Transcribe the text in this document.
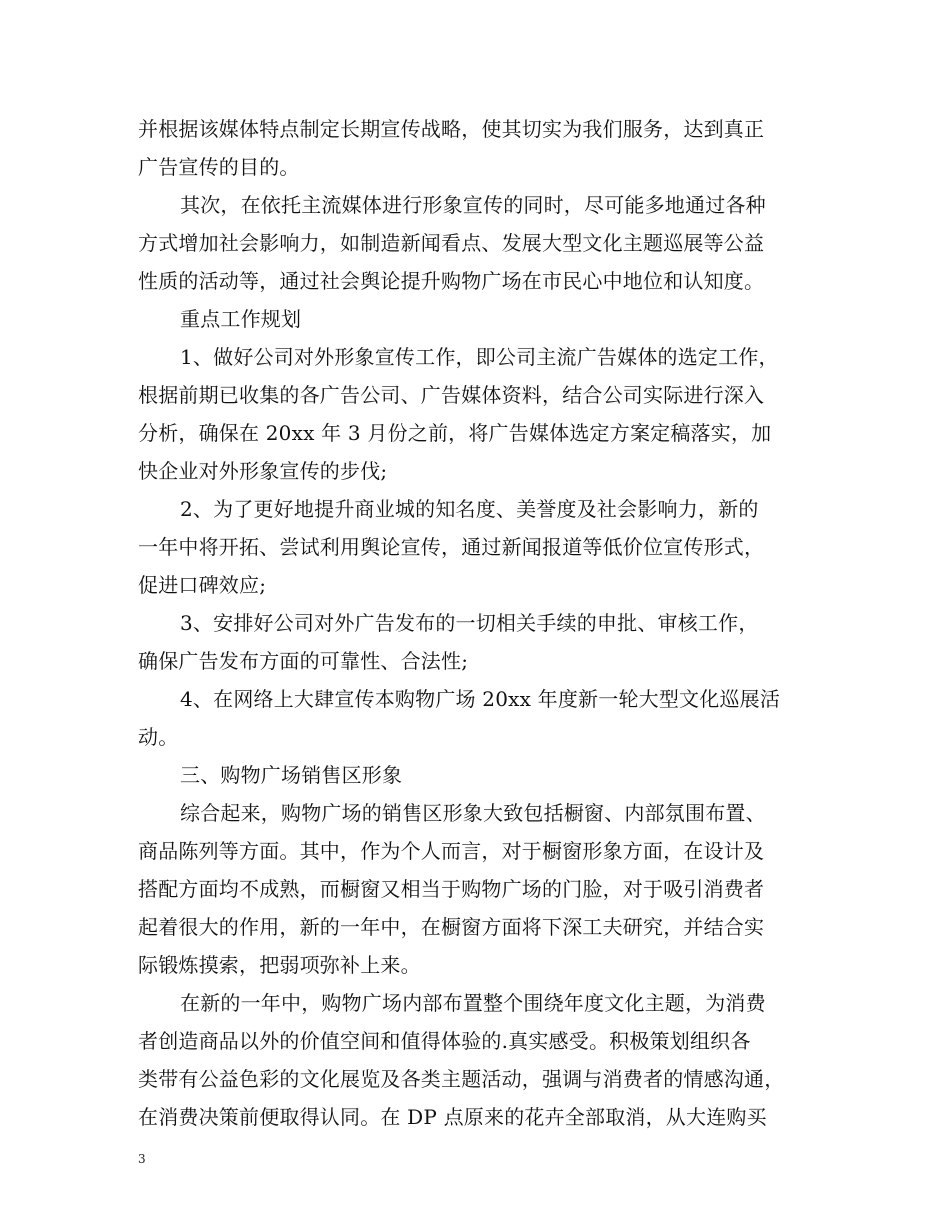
并根据该媒体特点制定长期宣传战略，使其切实为我们服务，达到真正
广告宣传的目的。
其次，在依托主流媒体进行形象宣传的同时，尽可能多地通过各种
方式增加社会影响力，如制造新闻看点、发展大型文化主题巡展等公益
性质的活动等，通过社会舆论提升购物广场在市民心中地位和认知度。
重点工作规划
1、做好公司对外形象宣传工作，即公司主流广告媒体的选定工作，
根据前期已收集的各广告公司、广告媒体资料，结合公司实际进行深入
分析，确保在 20xx 年 3 月份之前，将广告媒体选定方案定稿落实，加
快企业对外形象宣传的步伐;
2、为了更好地提升商业城的知名度、美誉度及社会影响力，新的
一年中将开拓、尝试利用舆论宣传，通过新闻报道等低价位宣传形式，
促进口碑效应;
3、安排好公司对外广告发布的一切相关手续的申批、审核工作，
确保广告发布方面的可靠性、合法性;
4、在网络上大肆宣传本购物广场 20xx 年度新一轮大型文化巡展活
动。
三、购物广场销售区形象
综合起来，购物广场的销售区形象大致包括橱窗、内部氛围布置、
商品陈列等方面。其中，作为个人而言，对于橱窗形象方面，在设计及
搭配方面均不成熟，而橱窗又相当于购物广场的门脸，对于吸引消费者
起着很大的作用，新的一年中，在橱窗方面将下深工夫研究，并结合实
际锻炼摸索，把弱项弥补上来。
在新的一年中，购物广场内部布置整个围绕年度文化主题，为消费
者创造商品以外的价值空间和值得体验的.真实感受。积极策划组织各
类带有公益色彩的文化展览及各类主题活动，强调与消费者的情感沟通，
在消费决策前便取得认同。在 DP 点原来的花卉全部取消，从大连购买
3
